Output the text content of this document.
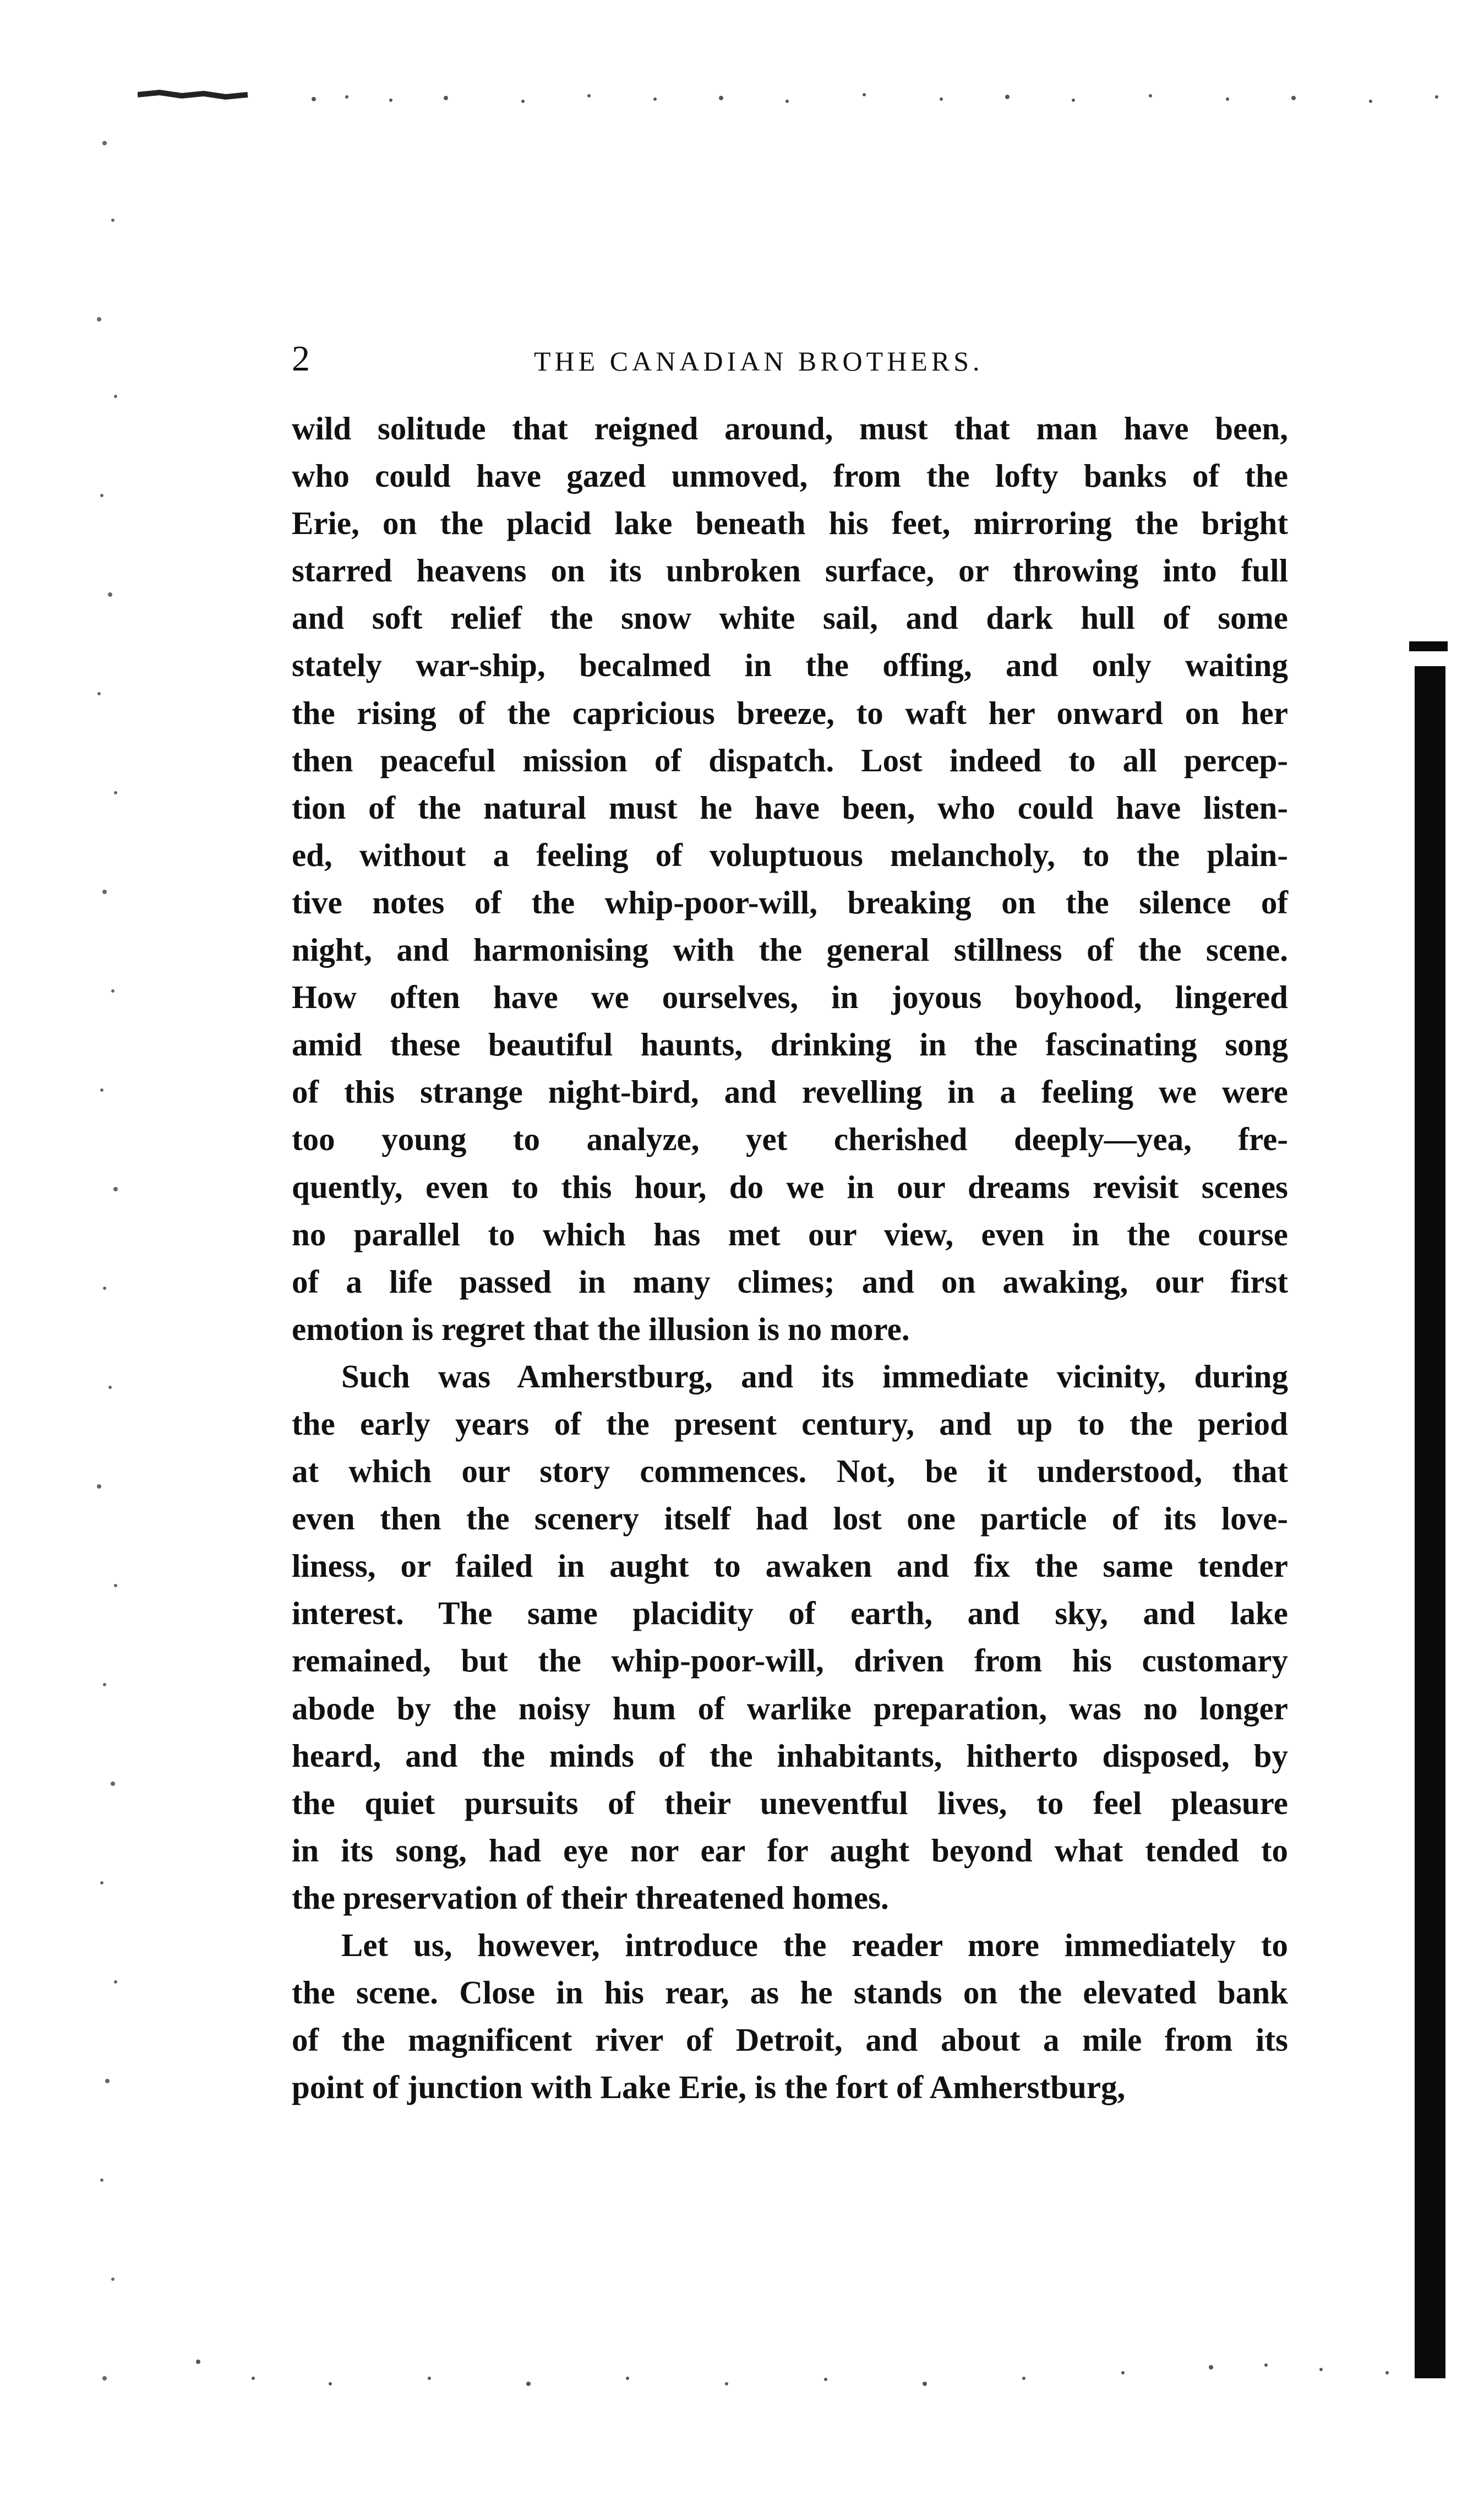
2	THE CANADIAN BROTHERS.
wild solitude that reigned around, must that man have been,
who could have gazed unmoved, from the lofty banks of the
Erie, on the placid lake beneath his feet, mirroring the bright
starred heavens on its unbroken surface, or throwing into full
and soft relief the snow white sail, and dark hull of some
stately war-ship, becalmed in the offing, and only waiting
the rising of the capricious breeze, to waft her onward on her
then peaceful mission of dispatch. Lost indeed to all percep-
tion of the natural must he have been, who could have listen-
ed, without a feeling of voluptuous melancholy, to the plain-
tive notes of the whip-poor-will, breaking on the silence of
night, and harmonising with the general stillness of the scene.
How often have we ourselves, in joyous boyhood, lingered
amid these beautiful haunts, drinking in the fascinating song
of this strange night-bird, and revelling in a feeling we were
too young to analyze, yet cherished deeply—yea, fre-
quently, even to this hour, do we in our dreams revisit scenes
no parallel to which has met our view, even in the course
of a life passed in many climes; and on awaking, our first
emotion is regret that the illusion is no more.
Such was Amherstburg, and its immediate vicinity, during
the early years of the present century, and up to the period
at which our story commences. Not, be it understood, that
even then the scenery itself had lost one particle of its love-
liness, or failed in aught to awaken and fix the same tender
interest. The same placidity of earth, and sky, and lake
remained, but the whip-poor-will, driven from his customary
abode by the noisy hum of warlike preparation, was no longer
heard, and the minds of the inhabitants, hitherto disposed, by
the quiet pursuits of their uneventful lives, to feel pleasure
in its song, had eye nor ear for aught beyond what tended to
the preservation of their threatened homes.
Let us, however, introduce the reader more immediately to
the scene. Close in his rear, as he stands on the elevated bank
of the magnificent river of Detroit, and about a mile from its
point of junction with Lake Erie, is the fort of Amherstburg,
